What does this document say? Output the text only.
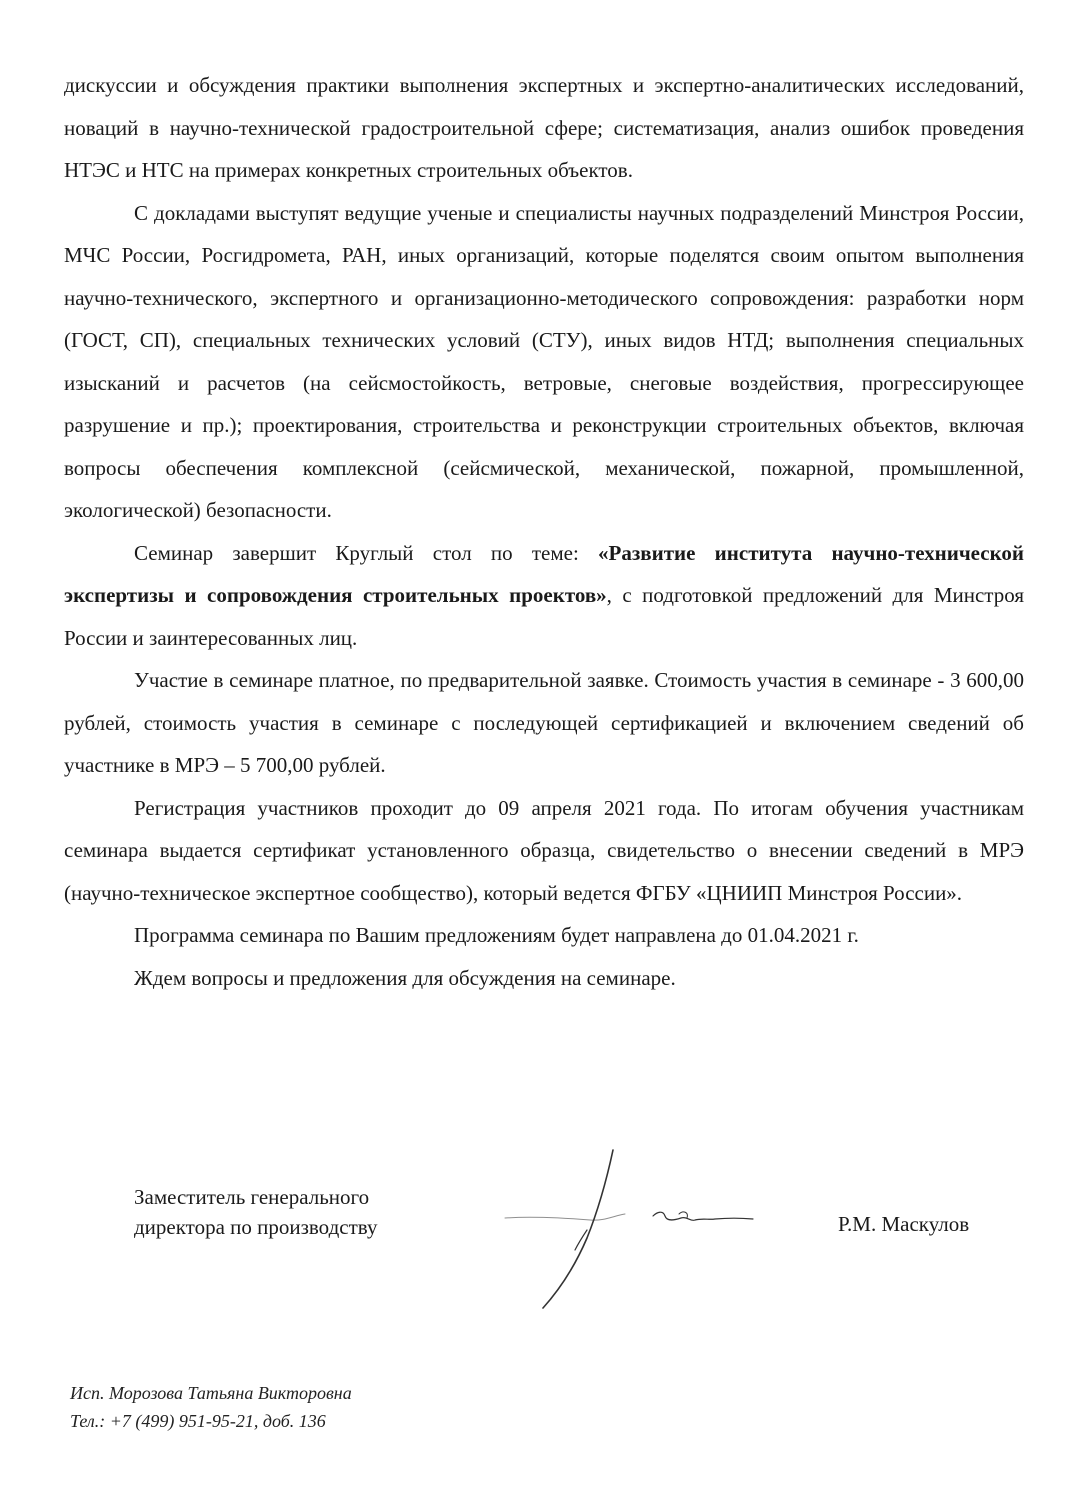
дискуссии и обсуждения практики выполнения экспертных и экспертно-аналитических исследований, новаций в научно-технической градостроительной сфере; систематизация, анализ ошибок проведения НТЭС и НТС на примерах конкретных строительных объектов.

С докладами выступят ведущие ученые и специалисты научных подразделений Минстроя России, МЧС России, Росгидромета, РАН, иных организаций, которые поделятся своим опытом выполнения научно-технического, экспертного и организационно-методического сопровождения: разработки норм (ГОСТ, СП), специальных технических условий (СТУ), иных видов НТД; выполнения специальных изысканий и расчетов (на сейсмостойкость, ветровые, снеговые воздействия, прогрессирующее разрушение и пр.); проектирования, строительства и реконструкции строительных объектов, включая вопросы обеспечения комплексной (сейсмической, механической, пожарной, промышленной, экологической) безопасности.

Семинар завершит Круглый стол по теме: «Развитие института научно-технической экспертизы и сопровождения строительных проектов», с подготовкой предложений для Минстроя России и заинтересованных лиц.

Участие в семинаре платное, по предварительной заявке. Стоимость участия в семинаре - 3 600,00 рублей, стоимость участия в семинаре с последующей сертификацией и включением сведений об участнике в МРЭ – 5 700,00 рублей.

Регистрация участников проходит до 09 апреля 2021 года. По итогам обучения участникам семинара выдается сертификат установленного образца, свидетельство о внесении сведений в МРЭ (научно-техническое экспертное сообщество), который ведется ФГБУ «ЦНИИП Минстроя России».

Программа семинара по Вашим предложениям будет направлена до 01.04.2021 г.

Ждем вопросы и предложения для обсуждения на семинаре.

Заместитель генерального
директора по производству	Р.М. Маскулов
Исп. Морозова Татьяна Викторовна
Тел.: +7 (499) 951-95-21, доб. 136
